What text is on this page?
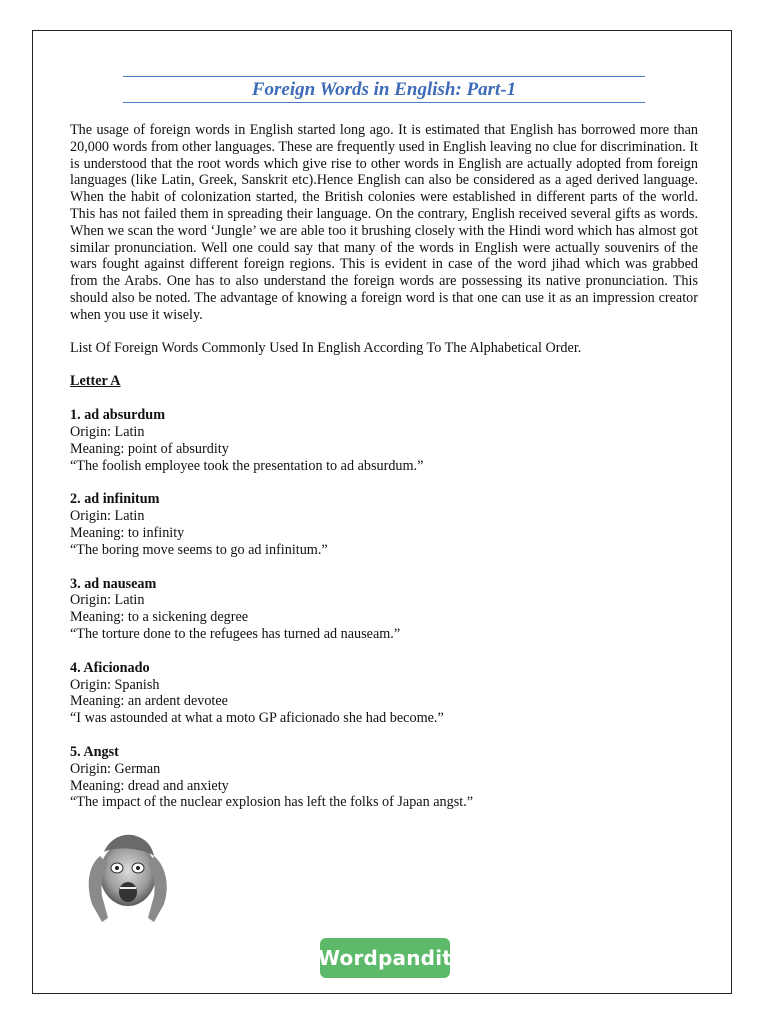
Foreign Words in English: Part-1

The usage of foreign words in English started long ago. It is estimated that English has borrowed more than 20,000 words from other languages. These are frequently used in English leaving no clue for discrimination. It is understood that the root words which give rise to other words in English are actually adopted from foreign languages (like Latin, Greek, Sanskrit etc).Hence English can also be considered as a aged derived language. When the habit of colonization started, the British colonies were established in different parts of the world. This has not failed them in spreading their language. On the contrary, English received several gifts as words. When we scan the word ‘Jungle’ we are able too it brushing closely with the Hindi word which has almost got similar pronunciation. Well one could say that many of the words in English were actually souvenirs of the wars fought against different foreign regions. This is evident in case of the word jihad which was grabbed from the Arabs. One has to also understand the foreign words are possessing its native pronunciation. This should also be noted. The advantage of knowing a foreign word is that one can use it as an impression creator when you use it wisely.

List Of Foreign Words Commonly Used In English According To The Alphabetical Order.

Letter A

1. ad absurdum
Origin: Latin
Meaning: point of absurdity
“The foolish employee took the presentation to ad absurdum.”
2. ad infinitum
Origin: Latin
Meaning: to infinity
“The boring move seems to go ad infinitum.”
3. ad nauseam
Origin: Latin
Meaning: to a sickening degree
“The torture done to the refugees has turned ad nauseam.”
4. Aficionado
Origin: Spanish
Meaning: an ardent devotee
“I was astounded at what a moto GP aficionado she had become.”
5. Angst
Origin: German
Meaning: dread and anxiety
“The impact of the nuclear explosion has left the folks of Japan angst.”
Wordpandit
